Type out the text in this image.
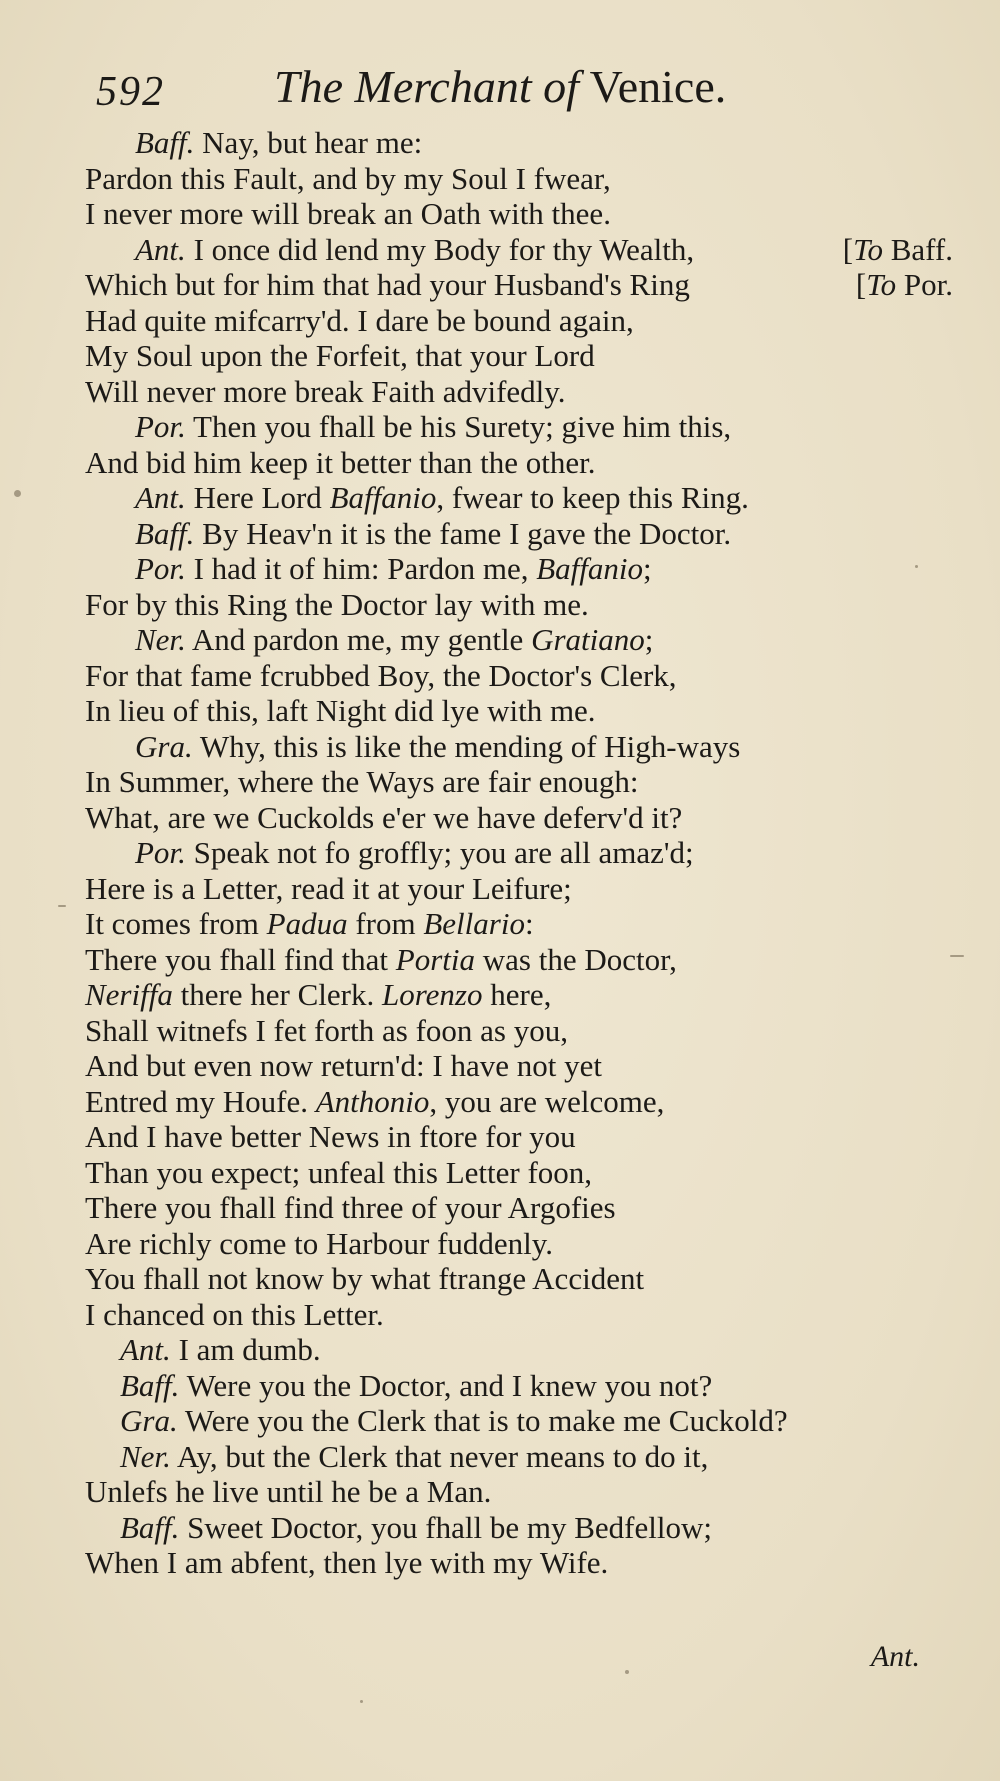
592 The Merchant of Venice.
Baff. Nay, but hear me:
Pardon this Fault, and by my Soul I fwear,
I never more will break an Oath with thee.
Ant. I once did lend my Body for thy Wealth,	[To Baff.
Which but for him that had your Husband's Ring	[To Por.
Had quite mifcarry'd. I dare be bound again,
My Soul upon the Forfeit, that your Lord
Will never more break Faith advifedly.
Por. Then you fhall be his Surety; give him this,
And bid him keep it better than the other.
Ant. Here Lord Baffanio, fwear to keep this Ring.
Baff. By Heav'n it is the fame I gave the Doctor.
Por. I had it of him: Pardon me, Baffanio;
For by this Ring the Doctor lay with me.
Ner. And pardon me, my gentle Gratiano;
For that fame fcrubbed Boy, the Doctor's Clerk,
In lieu of this, laft Night did lye with me.
Gra. Why, this is like the mending of High-ways
In Summer, where the Ways are fair enough:
What, are we Cuckolds e'er we have deferv'd it?
Por. Speak not fo groffly; you are all amaz'd;
Here is a Letter, read it at your Leifure;
It comes from Padua from Bellario:
There you fhall find that Portia was the Doctor,
Neriffa there her Clerk. Lorenzo here,
Shall witnefs I fet forth as foon as you,
And but even now return'd: I have not yet
Entred my Houfe. Anthonio, you are welcome,
And I have better News in ftore for you
Than you expect; unfeal this Letter foon,
There you fhall find three of your Argofies
Are richly come to Harbour fuddenly.
You fhall not know by what ftrange Accident
I chanced on this Letter.
Ant. I am dumb.
Baff. Were you the Doctor, and I knew you not?
Gra. Were you the Clerk that is to make me Cuckold?
Ner. Ay, but the Clerk that never means to do it,
Unlefs he live until he be a Man.
Baff. Sweet Doctor, you fhall be my Bedfellow;
When I am abfent, then lye with my Wife.
Ant.
